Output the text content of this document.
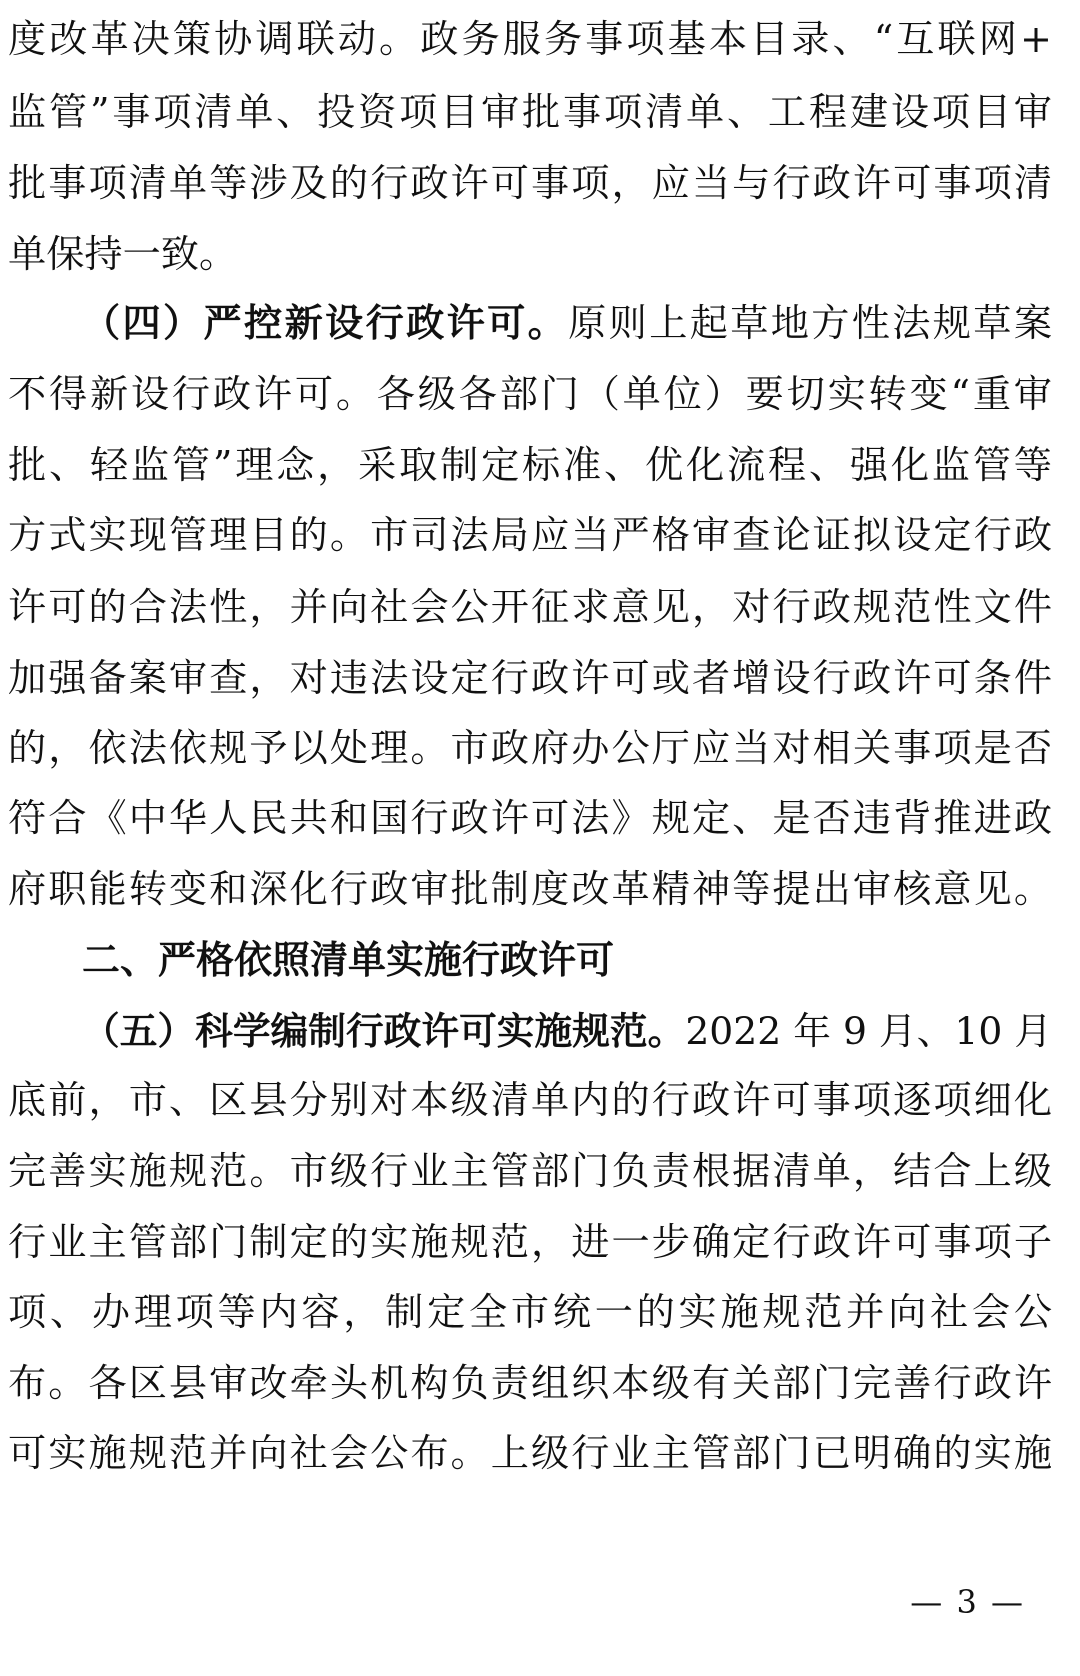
度改革决策协调联动。政务服务事项基本目录、“互联网+
监管”事项清单、投资项目审批事项清单、工程建设项目审
批事项清单等涉及的行政许可事项，应当与行政许可事项清
单保持一致。
（四）严控新设行政许可。原则上起草地方性法规草案
不得新设行政许可。各级各部门（单位）要切实转变“重审
批、轻监管”理念，采取制定标准、优化流程、强化监管等
方式实现管理目的。市司法局应当严格审查论证拟设定行政
许可的合法性，并向社会公开征求意见，对行政规范性文件
加强备案审查，对违法设定行政许可或者增设行政许可条件
的，依法依规予以处理。市政府办公厅应当对相关事项是否
符合《中华人民共和国行政许可法》规定、是否违背推进政
府职能转变和深化行政审批制度改革精神等提出审核意见。
二、严格依照清单实施行政许可
（五）科学编制行政许可实施规范。2022 年 9 月、10 月
底前，市、区县分别对本级清单内的行政许可事项逐项细化
完善实施规范。市级行业主管部门负责根据清单，结合上级
行业主管部门制定的实施规范，进一步确定行政许可事项子
项、办理项等内容，制定全市统一的实施规范并向社会公
布。各区县审改牵头机构负责组织本级有关部门完善行政许
可实施规范并向社会公布。上级行业主管部门已明确的实施
— 3 —
